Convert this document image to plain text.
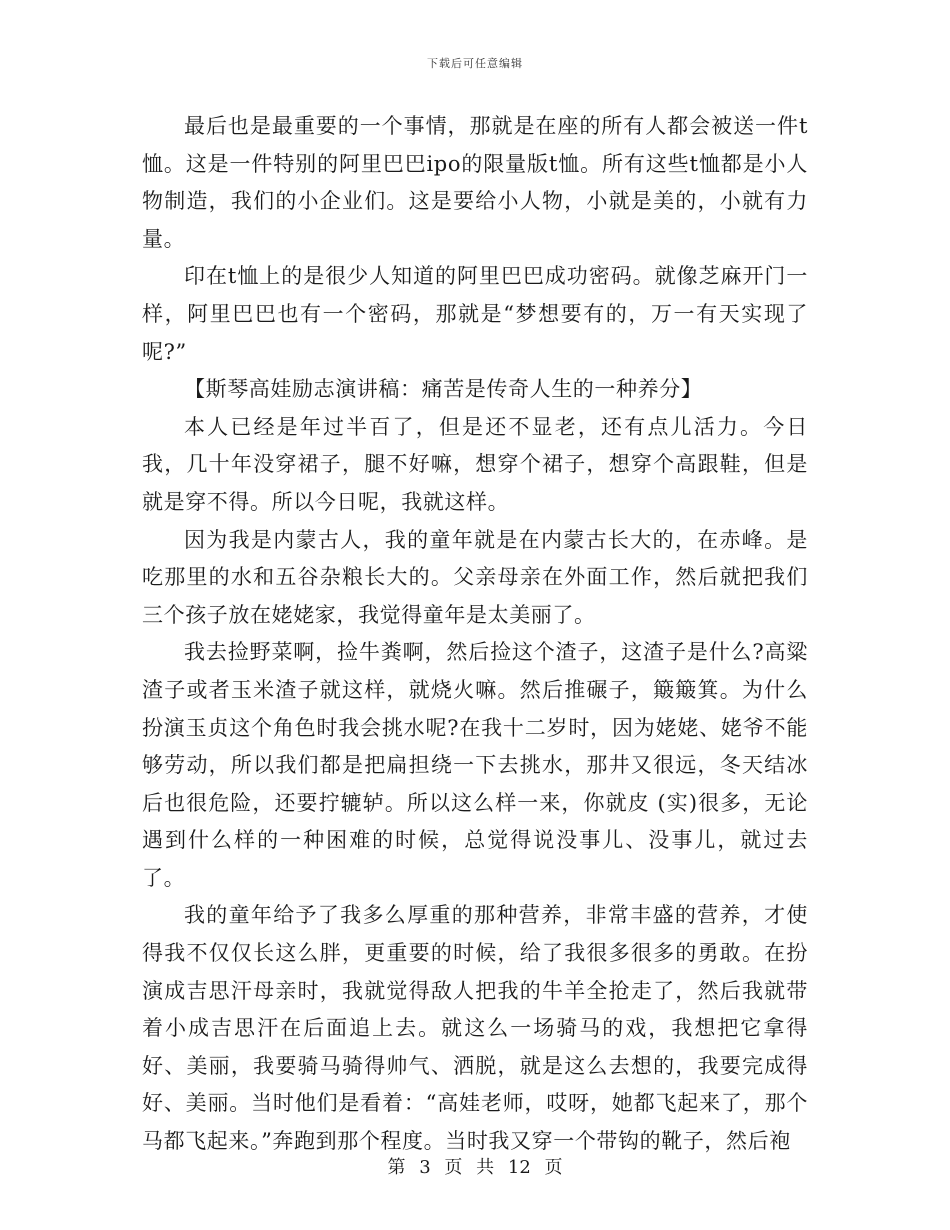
下载后可任意编辑

最后也是最重要的一个事情，那就是在座的所有人都会被送一件t恤。这是一件特别的阿里巴巴ipo的限量版t恤。所有这些t恤都是小人物制造，我们的小企业们。这是要给小人物，小就是美的，小就有力量。

印在t恤上的是很少人知道的阿里巴巴成功密码。就像芝麻开门一样，阿里巴巴也有一个密码，那就是“梦想要有的，万一有天实现了呢?”

【斯琴高娃励志演讲稿：痛苦是传奇人生的一种养分】

本人已经是年过半百了，但是还不显老，还有点儿活力。今日我，几十年没穿裙子，腿不好嘛，想穿个裙子，想穿个高跟鞋，但是就是穿不得。所以今日呢，我就这样。

因为我是内蒙古人，我的童年就是在内蒙古长大的，在赤峰。是吃那里的水和五谷杂粮长大的。父亲母亲在外面工作，然后就把我们三个孩子放在姥姥家，我觉得童年是太美丽了。

我去捡野菜啊，捡牛粪啊，然后捡这个渣子，这渣子是什么?高粱渣子或者玉米渣子就这样，就烧火嘛。然后推碾子，簸簸箕。为什么扮演玉贞这个角色时我会挑水呢?在我十二岁时，因为姥姥、姥爷不能够劳动，所以我们都是把扁担绕一下去挑水，那井又很远，冬天结冰后也很危险，还要拧辘轳。所以这么样一来，你就皮 (实)很多，无论遇到什么样的一种困难的时候，总觉得说没事儿、没事儿，就过去了。

我的童年给予了我多么厚重的那种营养，非常丰盛的营养，才使得我不仅仅长这么胖，更重要的时候，给了我很多很多的勇敢。在扮演成吉思汗母亲时，我就觉得敌人把我的牛羊全抢走了，然后我就带着小成吉思汗在后面追上去。就这么一场骑马的戏，我想把它拿得好、美丽，我要骑马骑得帅气、洒脱，就是这么去想的，我要完成得好、美丽。当时他们是看着：“高娃老师，哎呀，她都飞起来了，那个马都飞起来。”奔跑到那个程度。当时我又穿一个带钩的靴子，然后袍

第 3 页 共 12 页
